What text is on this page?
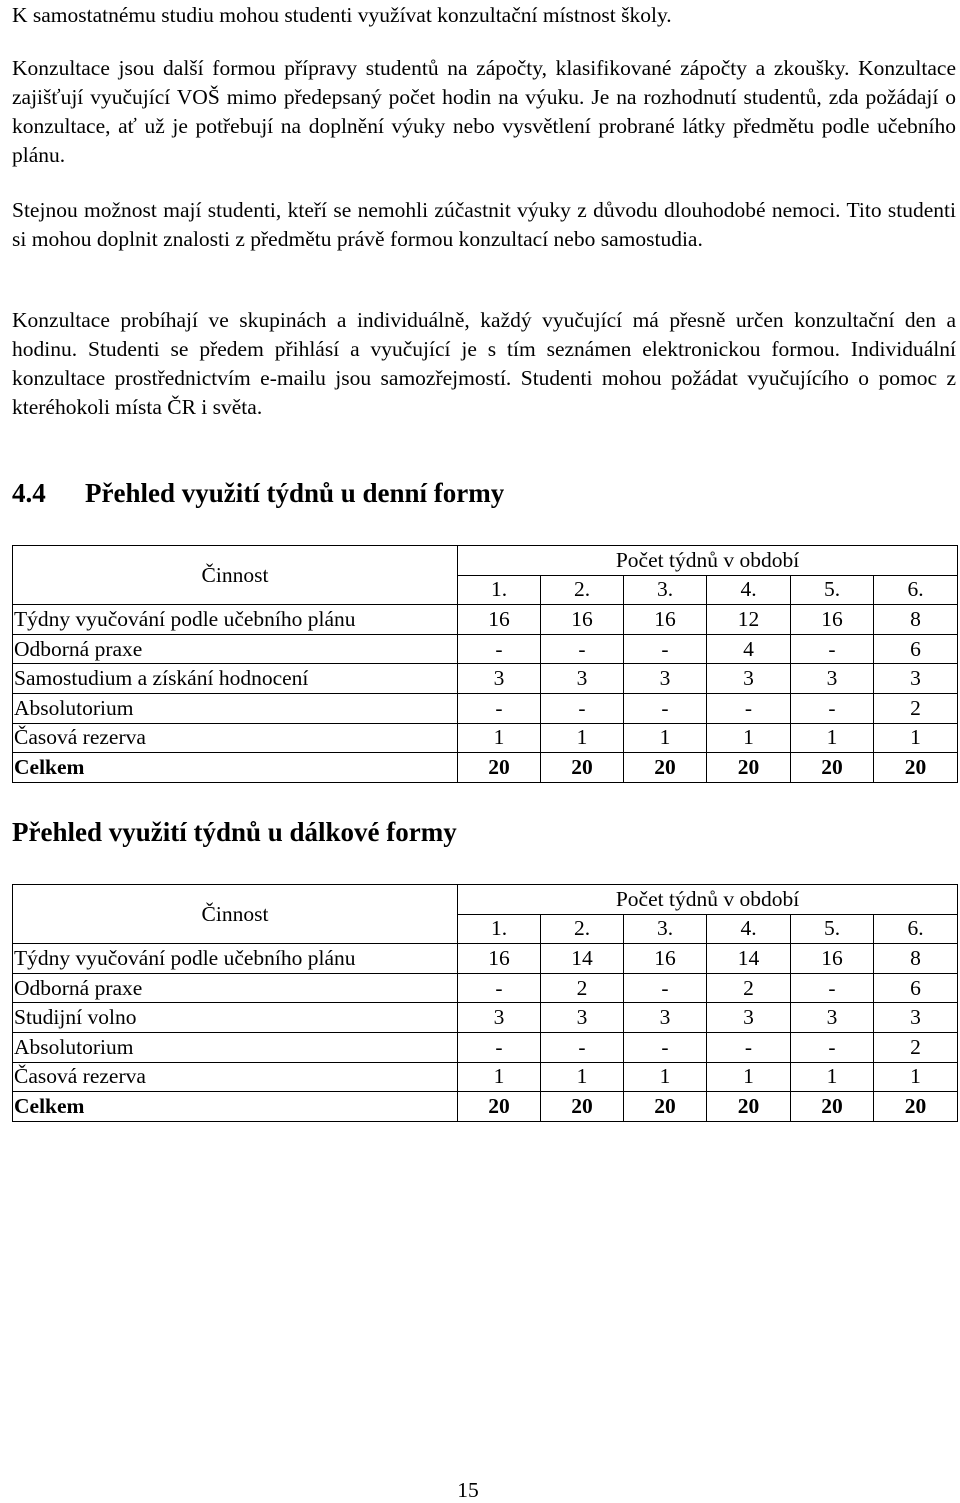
K samostatnému studiu mohou studenti využívat konzultační místnost školy.

Konzultace jsou další formou přípravy studentů na zápočty, klasifikované zápočty a zkoušky. Konzultace zajišťují vyučující VOŠ mimo předepsaný počet hodin na výuku. Je na rozhodnutí studentů, zda požádají o konzultace, ať už je potřebují na doplnění výuky nebo vysvětlení probrané látky předmětu podle učebního plánu.

Stejnou možnost mají studenti, kteří se nemohli zúčastnit výuky z důvodu dlouhodobé nemoci. Tito studenti si mohou doplnit znalosti z předmětu právě formou konzultací nebo samostudia.

Konzultace probíhají ve skupinách a individuálně, každý vyučující má přesně určen konzultační den a hodinu. Studenti se předem přihlásí a vyučující je s tím seznámen elektronickou formou. Individuální konzultace prostřednictvím e-mailu jsou samozřejmostí. Studenti mohou požádat vyučujícího o pomoc z kteréhokoli místa ČR i světa.

4.4 Přehled využití týdnů u denní formy
Činnost	Počet týdnů v období					
	1.	2.	3.	4.	5.	6.
Týdny vyučování podle učebního plánu	16	16	16	12	16	8
Odborná praxe	-	-	-	4	-	6
Samostudium a získání hodnocení	3	3	3	3	3	3
Absolutorium	-	-	-	-	-	2
Časová rezerva	1	1	1	1	1	1
Celkem	20	20	20	20	20	20
Přehled využití týdnů u dálkové formy
Činnost	Počet týdnů v období					
	1.	2.	3.	4.	5.	6.
Týdny vyučování podle učebního plánu	16	14	16	14	16	8
Odborná praxe	-	2	-	2	-	6
Studijní volno	3	3	3	3	3	3
Absolutorium	-	-	-	-	-	2
Časová rezerva	1	1	1	1	1	1
Celkem	20	20	20	20	20	20
15
